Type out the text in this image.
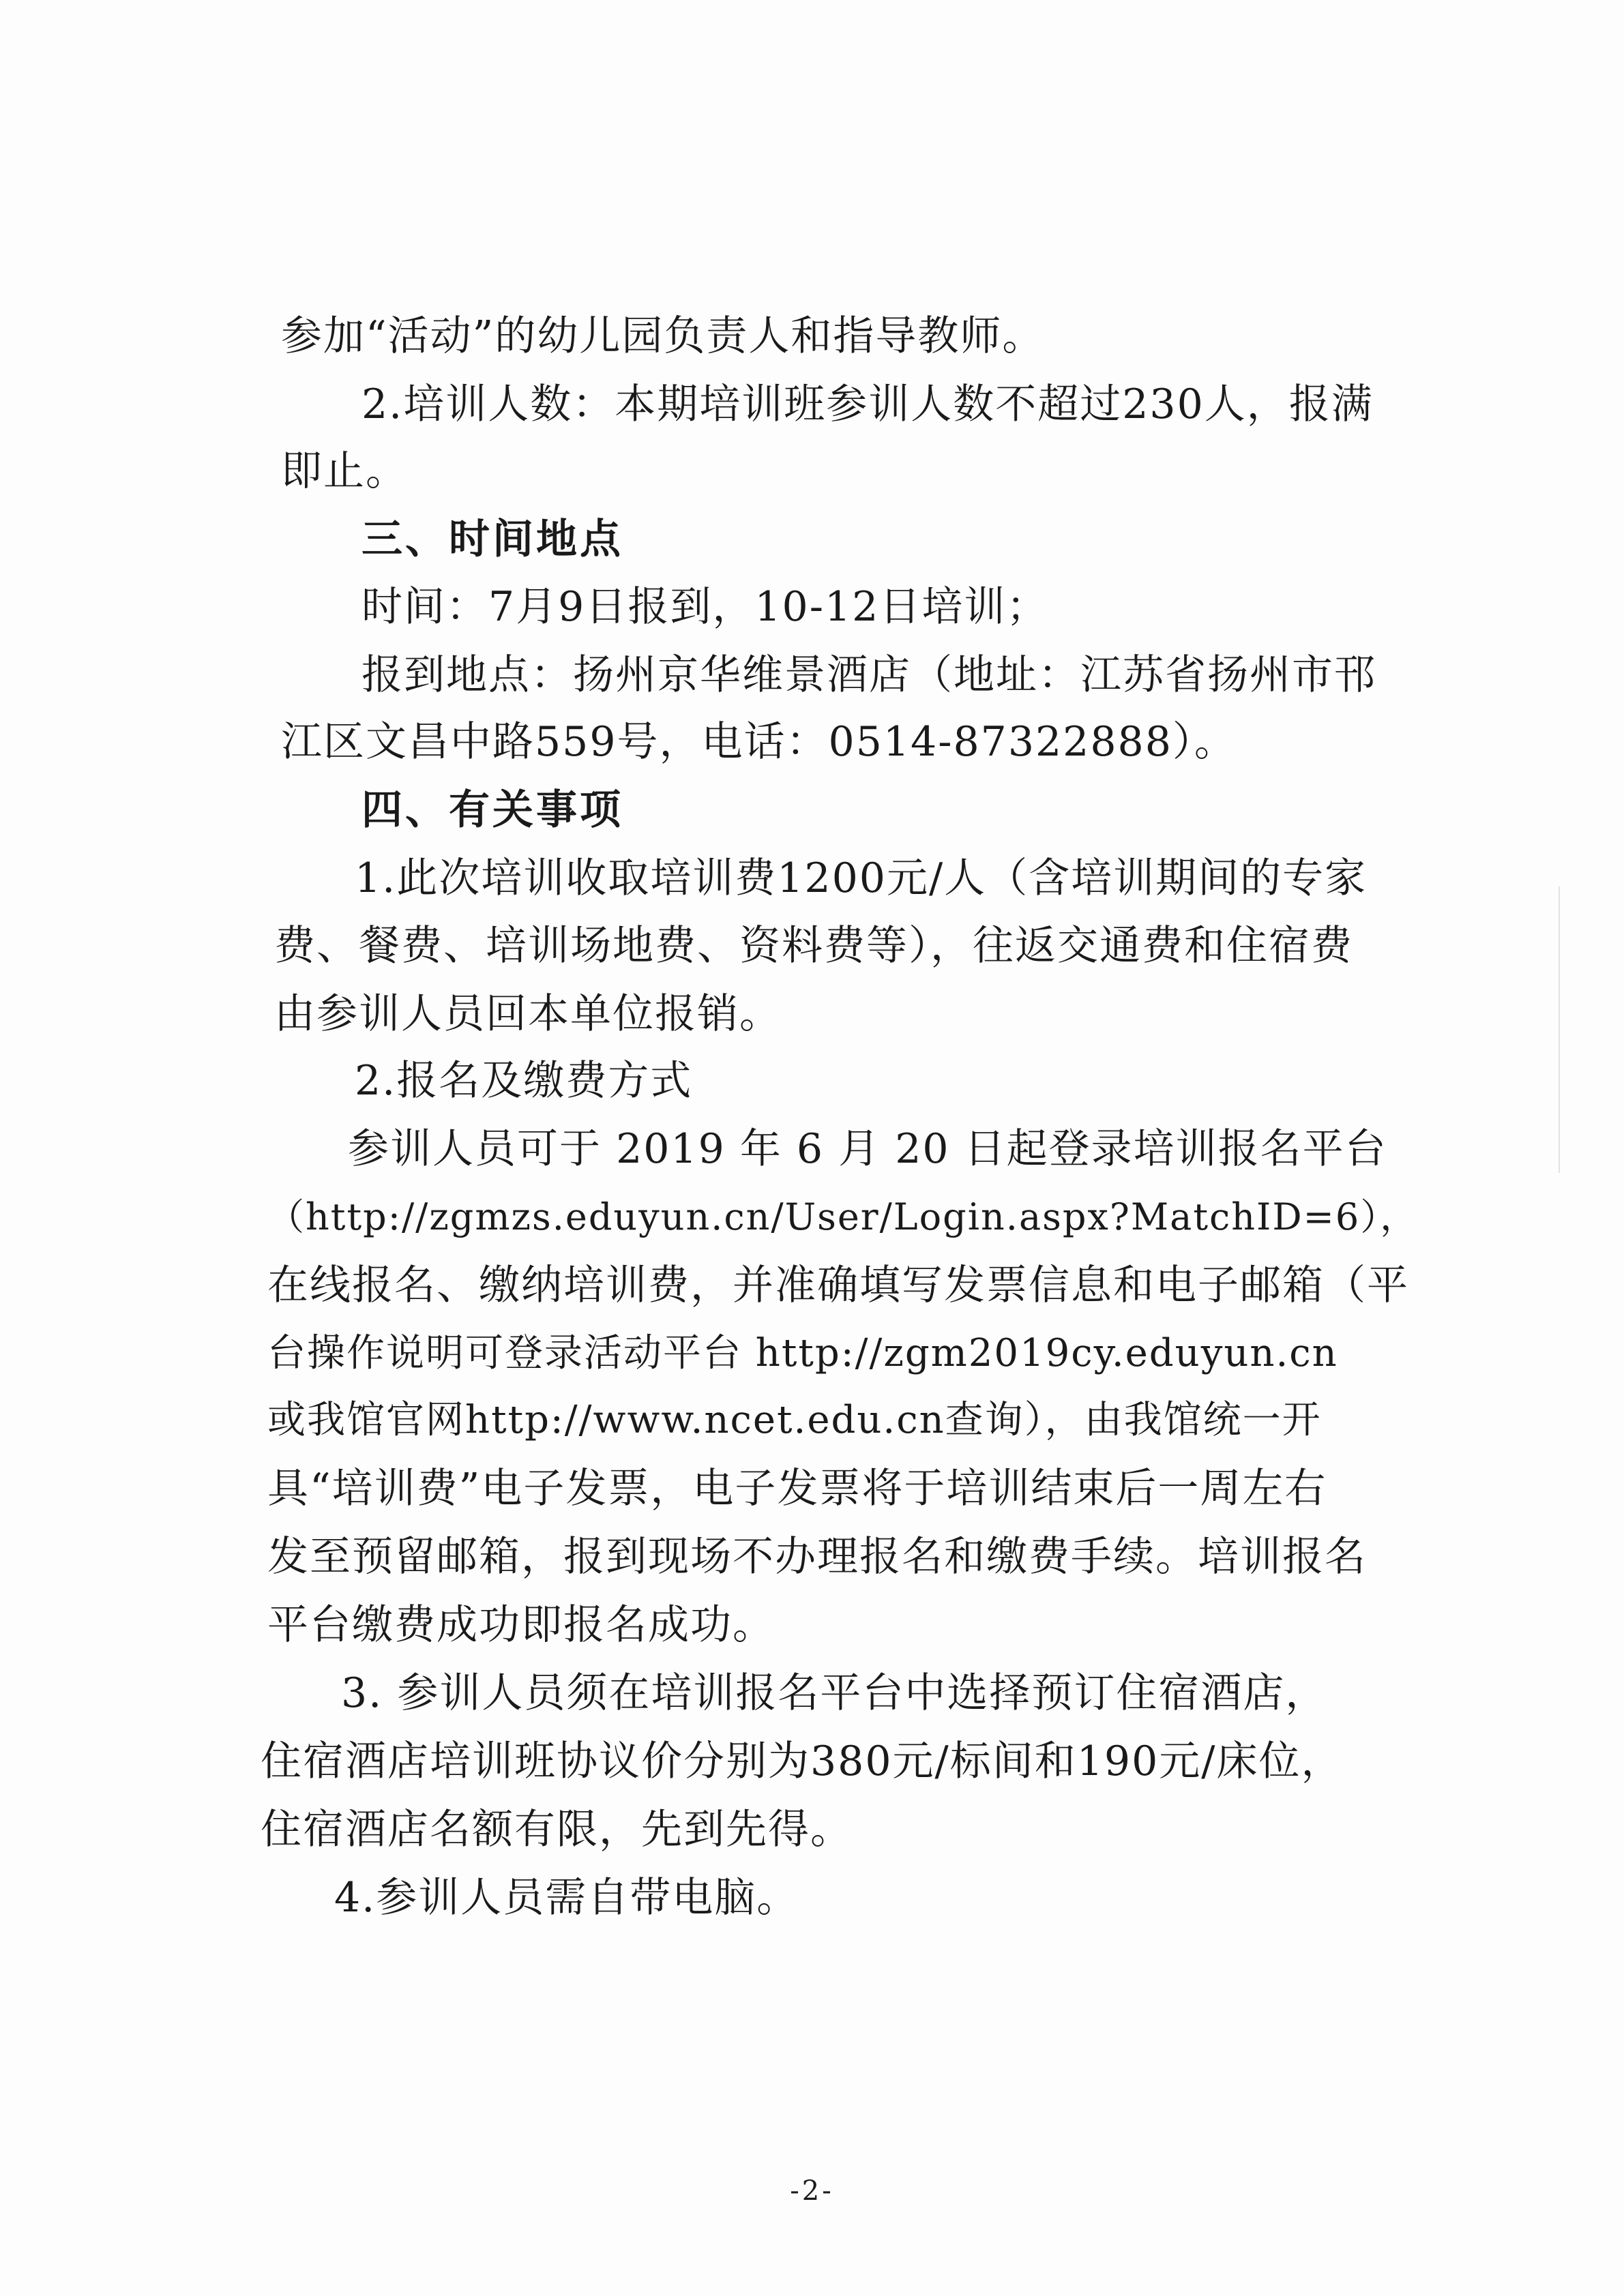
参加“活动”的幼儿园负责人和指导教师。
2.培训人数：本期培训班参训人数不超过230人，报满
即止。
三、时间地点
时间：7月9日报到，10-12日培训；
报到地点：扬州京华维景酒店（地址：江苏省扬州市邗
江区文昌中路559号，电话：0514-87322888）。
四、有关事项
1.此次培训收取培训费1200元/人（含培训期间的专家
费、餐费、培训场地费、资料费等），往返交通费和住宿费
由参训人员回本单位报销。
2.报名及缴费方式
参训人员可于 2019 年 6 月 20 日起登录培训报名平台
（http://zgmzs.eduyun.cn/User/Login.aspx?MatchID=6），
在线报名、缴纳培训费，并准确填写发票信息和电子邮箱（平
台操作说明可登录活动平台 http://zgm2019cy.eduyun.cn
或我馆官网http://www.ncet.edu.cn查询），由我馆统一开
具“培训费”电子发票，电子发票将于培训结束后一周左右
发至预留邮箱，报到现场不办理报名和缴费手续。培训报名
平台缴费成功即报名成功。
3. 参训人员须在培训报名平台中选择预订住宿酒店，
住宿酒店培训班协议价分别为380元/标间和190元/床位，
住宿酒店名额有限，先到先得。
4.参训人员需自带电脑。
-2-
